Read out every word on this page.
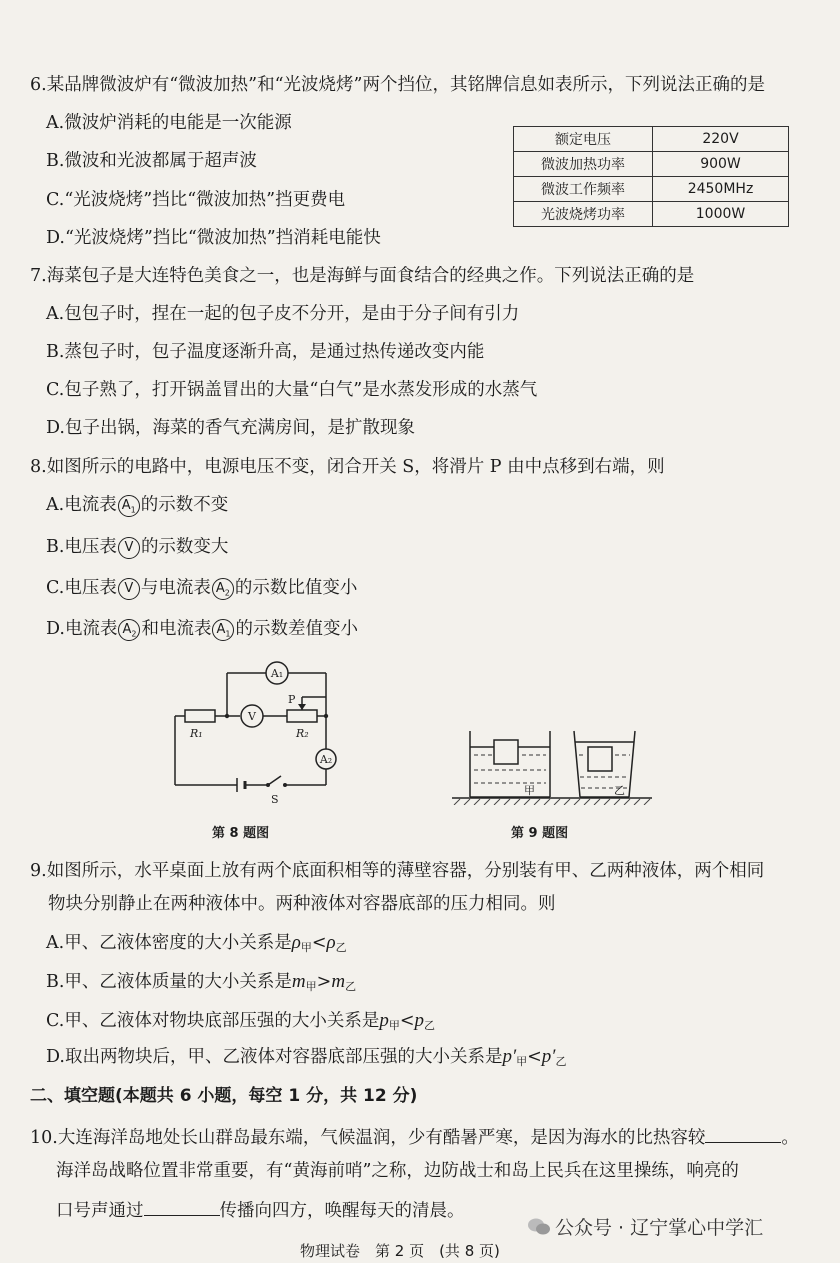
6.某品牌微波炉有“微波加热”和“光波烧烤”两个挡位，其铭牌信息如表所示，下列说法正确的是
A.微波炉消耗的电能是一次能源
B.微波和光波都属于超声波
C.“光波烧烤”挡比“微波加热”挡更费电
D.“光波烧烤”挡比“微波加热”挡消耗电能快
额定电压	220V
微波加热功率	900W
微波工作频率	2450MHz
光波烧烤功率	1000W
7.海菜包子是大连特色美食之一，也是海鲜与面食结合的经典之作。下列说法正确的是
A.包包子时，捏在一起的包子皮不分开，是由于分子间有引力
B.蒸包子时，包子温度逐渐升高，是通过热传递改变内能
C.包子熟了，打开锅盖冒出的大量“白气”是水蒸发形成的水蒸气
D.包子出锅，海菜的香气充满房间，是扩散现象
8.如图所示的电路中，电源电压不变，闭合开关 S，将滑片 P 由中点移到右端，则
A.电流表 $A_1$ 的示数不变
B.电压表 V 的示数变大
C.电压表 V 与电流表 $A_2$ 的示数比值变小
D.电流表 $A_2$ 和电流表 $A_1$ 的示数差值变小
A₁
V
A₂
P
R₁	R₂
S
第 8 题图
甲	乙
第 9 题图
9.如图所示，水平桌面上放有两个底面积相等的薄壁容器，分别装有甲、乙两种液体，两个相同
物块分别静止在两种液体中。两种液体对容器底部的压力相同。则
A.甲、乙液体密度的大小关系是$\rho_甲<\rho_乙$
B.甲、乙液体质量的大小关系是$m_甲>m_乙$
C.甲、乙液体对物块底部压强的大小关系是$p_甲<p_乙$
D.取出两物块后，甲、乙液体对容器底部压强的大小关系是$p'_甲<p'_乙$
二、填空题(本题共 6 小题，每空 1 分，共 12 分)
10.大连海洋岛地处长山群岛最东端，气候温润，少有酷暑严寒，是因为海水的比热容较	。
海洋岛战略位置非常重要，有“黄海前哨”之称，边防战士和岛上民兵在这里操练，响亮的
口号声通过	传播向四方，唤醒每天的清晨。
公众号 · 辽宁掌心中学汇
物理试卷　第 2 页　(共 8 页)
